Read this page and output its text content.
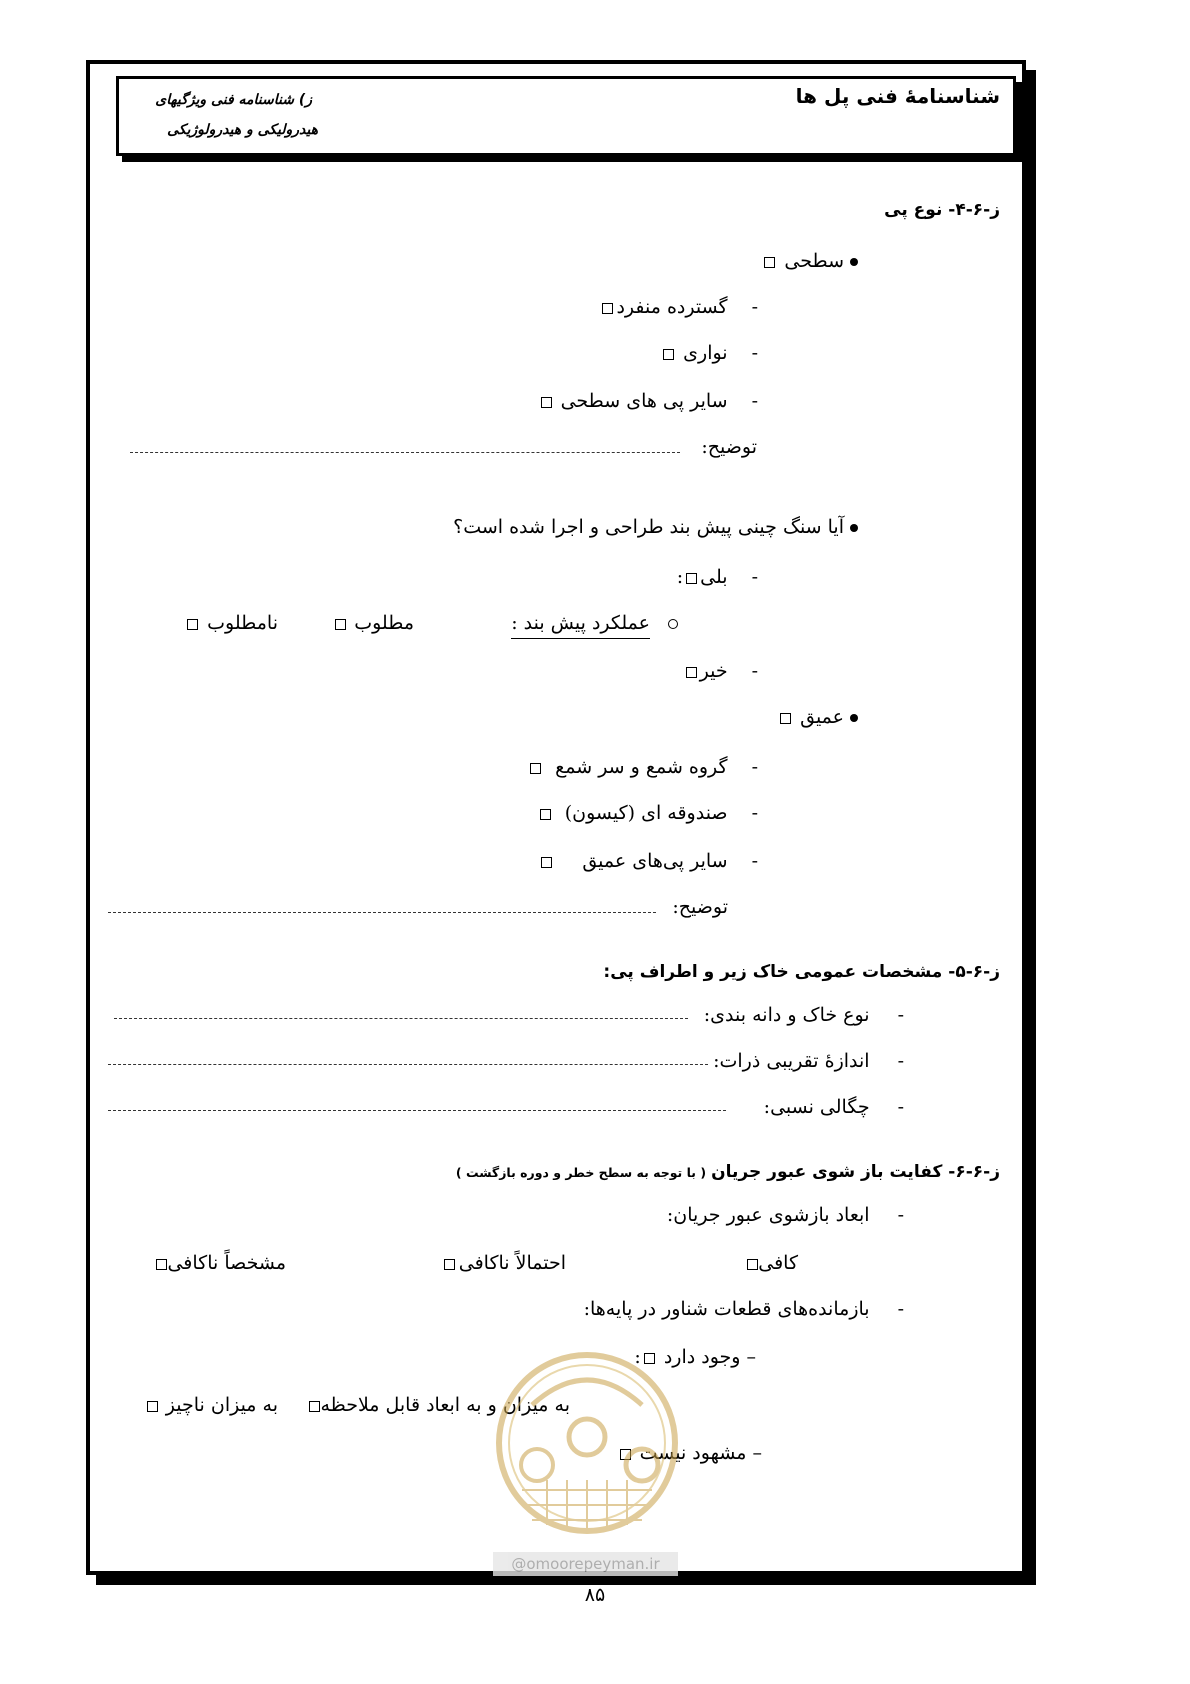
شناسنامهٔ فنی پل ها
ز) شناسنامه فنی ویژگیهای
هیدرولیکی و هیدرولوژیکی
ز-۶-۴- نوع پی
سطحی
-گسترده منفرد
-نواری
-سایر پی های سطحی
توضیح:
آیا سنگ چینی پیش بند طراحی و اجرا شده است؟
-بلی:
عملکرد پیش بند :
مطلوب
نامطلوب
-خیر
عمیق
-گروه شمع و سر شمع
-صندوقه ای (کیسون)
-سایر پی‌های عمیق
توضیح:
ز-۶-۵- مشخصات عمومی خاک زیر و اطراف پی:
-نوع خاک و دانه بندی:
-اندازهٔ تقریبی ذرات:
-چگالی نسبی:
ز-۶-۶- کفایت باز شوی عبور جریان ( با توجه به سطح خطر و دوره بازگشت )
-ابعاد بازشوی عبور جریان:
کافی
احتمالاً ناکافی
مشخصاً ناکافی
-بازمانده‌های قطعات شناور در پایه‌ها:
– وجود دارد :
به میزان و به ابعاد قابل ملاحظه
به میزان ناچیز
– مشهود نیست
@omoorepeyman.ir
۸۵
